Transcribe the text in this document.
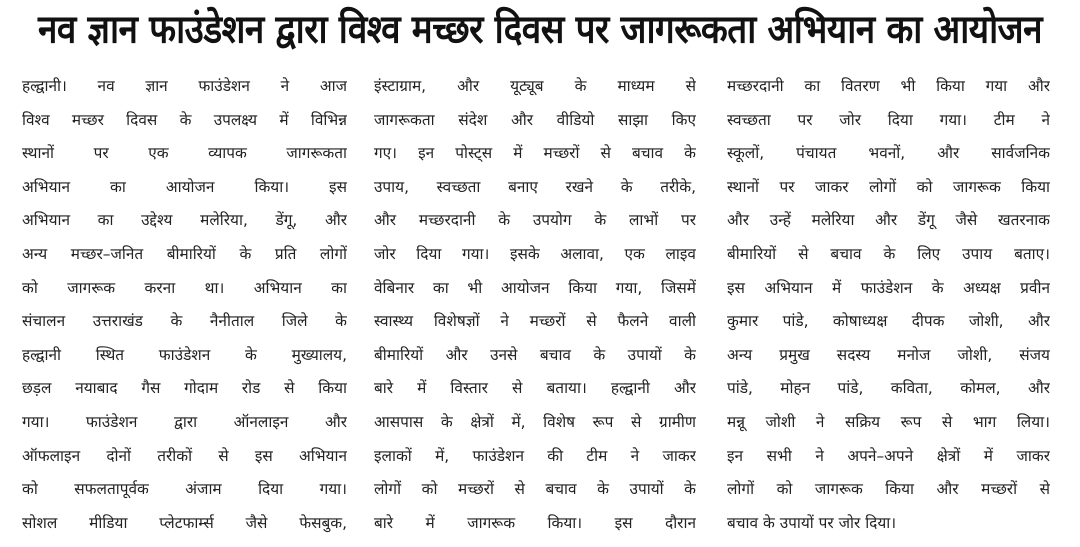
नव ज्ञान फाउंडेशन द्वारा विश्व मच्छर दिवस पर जागरूकता अभियान का आयोजन
हल्द्वानी। नव ज्ञान फाउंडेशन ने आज
विश्व मच्छर दिवस के उपलक्ष्य में विभिन्न
स्थानों पर एक व्यापक जागरूकता
अभियान का आयोजन किया। इस
अभियान का उद्देश्य मलेरिया, डेंगू, और
अन्य मच्छर–जनित बीमारियों के प्रति लोगों
को जागरूक करना था। अभियान का
संचालन उत्तराखंड के नैनीताल जिले के
हल्द्वानी स्थित फाउंडेशन के मुख्यालय,
छड़ल नयाबाद गैस गोदाम रोड से किया
गया। फाउंडेशन द्वारा ऑनलाइन और
ऑफलाइन दोनों तरीकों से इस अभियान
को सफलतापूर्वक अंजाम दिया गया।
सोशल मीडिया प्लेटफार्म्स जैसे फेसबुक,
इंस्टाग्राम, और यूट्यूब के माध्यम से
जागरूकता संदेश और वीडियो साझा किए
गए। इन पोस्ट्स में मच्छरों से बचाव के
उपाय, स्वच्छता बनाए रखने के तरीके,
और मच्छरदानी के उपयोग के लाभों पर
जोर दिया गया। इसके अलावा, एक लाइव
वेबिनार का भी आयोजन किया गया, जिसमें
स्वास्थ्य विशेषज्ञों ने मच्छरों से फैलने वाली
बीमारियों और उनसे बचाव के उपायों के
बारे में विस्तार से बताया। हल्द्वानी और
आसपास के क्षेत्रों में, विशेष रूप से ग्रामीण
इलाकों में, फाउंडेशन की टीम ने जाकर
लोगों को मच्छरों से बचाव के उपायों के
बारे में जागरूक किया। इस दौरान
मच्छरदानी का वितरण भी किया गया और
स्वच्छता पर जोर दिया गया। टीम ने
स्कूलों, पंचायत भवनों, और सार्वजनिक
स्थानों पर जाकर लोगों को जागरूक किया
और उन्हें मलेरिया और डेंगू जैसे खतरनाक
बीमारियों से बचाव के लिए उपाय बताए।
इस अभियान में फाउंडेशन के अध्यक्ष प्रवीन
कुमार पांडे, कोषाध्यक्ष दीपक जोशी, और
अन्य प्रमुख सदस्य मनोज जोशी, संजय
पांडे, मोहन पांडे, कविता, कोमल, और
मन्नू जोशी ने सक्रिय रूप से भाग लिया।
इन सभी ने अपने–अपने क्षेत्रों में जाकर
लोगों को जागरूक किया और मच्छरों से
बचाव के उपायों पर जोर दिया।
